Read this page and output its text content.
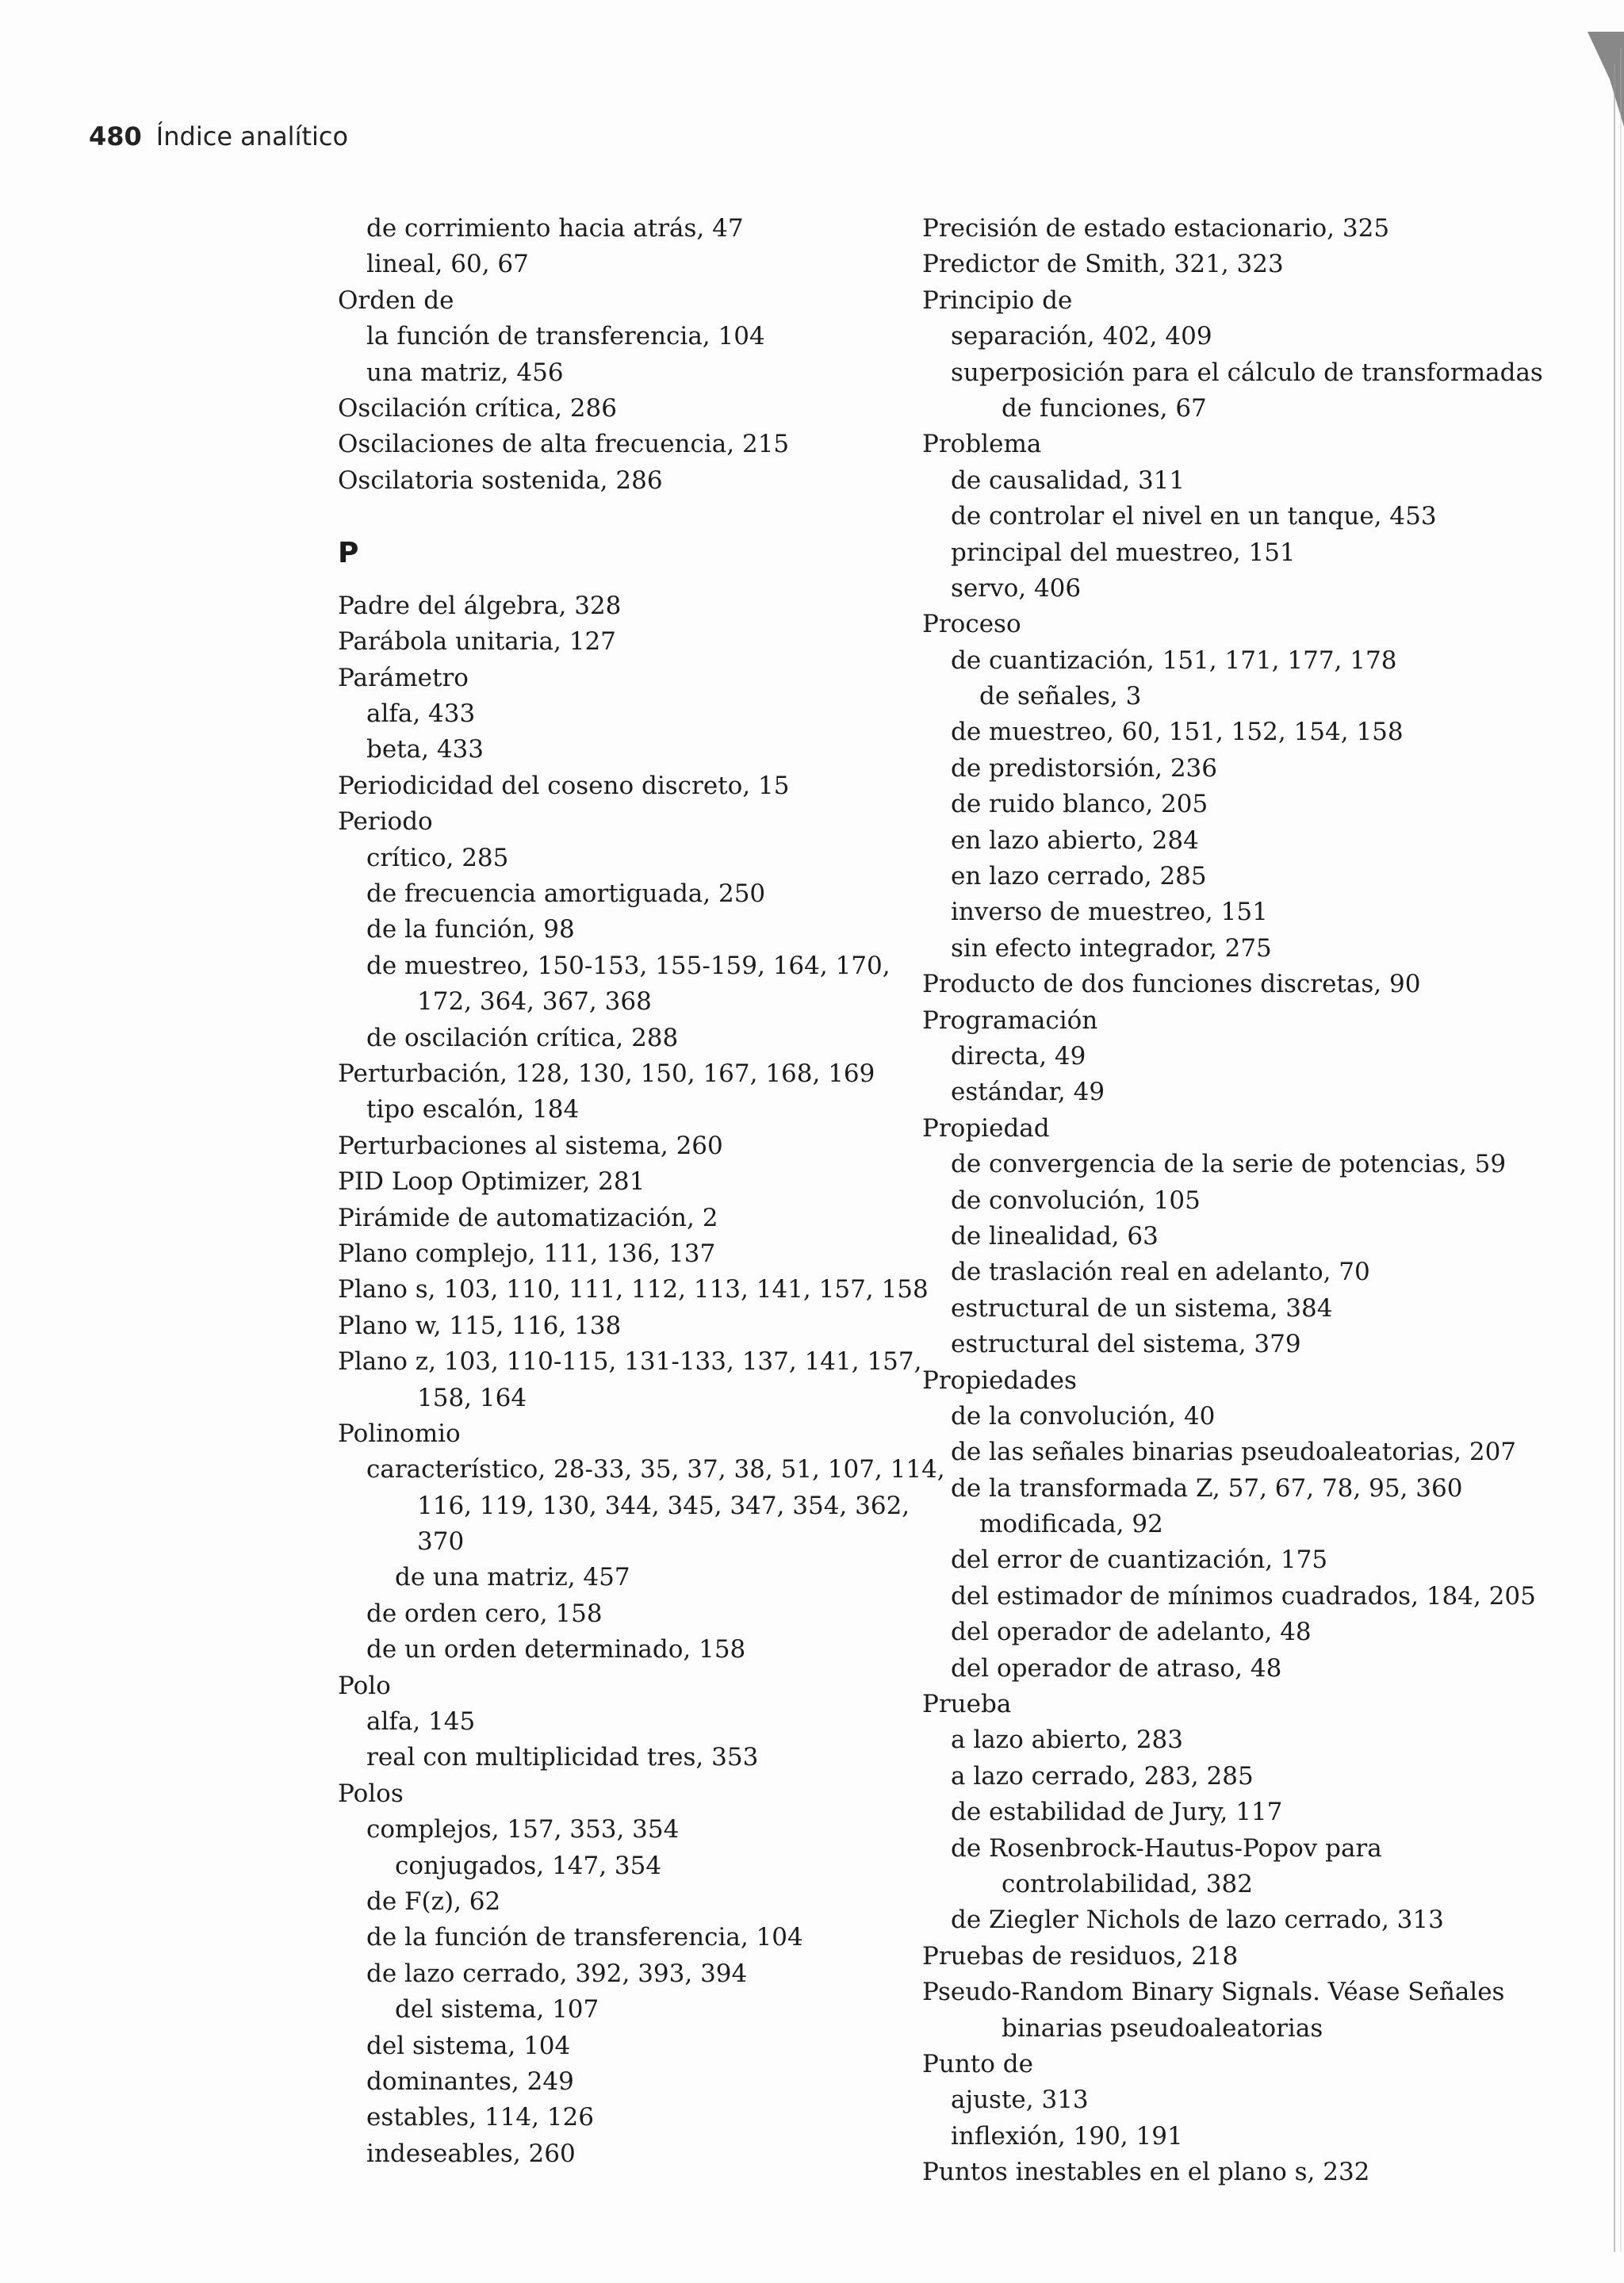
480 Índice analítico
de corrimiento hacia atrás, 47
lineal, 60, 67
Orden de
la función de transferencia, 104
una matriz, 456
Oscilación crítica, 286
Oscilaciones de alta frecuencia, 215
Oscilatoria sostenida, 286
P
Padre del álgebra, 328
Parábola unitaria, 127
Parámetro
alfa, 433
beta, 433
Periodicidad del coseno discreto, 15
Periodo
crítico, 285
de frecuencia amortiguada, 250
de la función, 98
de muestreo, 150-153, 155-159, 164, 170,
172, 364, 367, 368
de oscilación crítica, 288
Perturbación, 128, 130, 150, 167, 168, 169
tipo escalón, 184
Perturbaciones al sistema, 260
PID Loop Optimizer, 281
Pirámide de automatización, 2
Plano complejo, 111, 136, 137
Plano s, 103, 110, 111, 112, 113, 141, 157, 158
Plano w, 115, 116, 138
Plano z, 103, 110-115, 131-133, 137, 141, 157,
158, 164
Polinomio
característico, 28-33, 35, 37, 38, 51, 107, 114,
116, 119, 130, 344, 345, 347, 354, 362,
370
de una matriz, 457
de orden cero, 158
de un orden determinado, 158
Polo
alfa, 145
real con multiplicidad tres, 353
Polos
complejos, 157, 353, 354
conjugados, 147, 354
de F(z), 62
de la función de transferencia, 104
de lazo cerrado, 392, 393, 394
del sistema, 107
del sistema, 104
dominantes, 249
estables, 114, 126
indeseables, 260
Precisión de estado estacionario, 325
Predictor de Smith, 321, 323
Principio de
separación, 402, 409
superposición para el cálculo de transformadas
de funciones, 67
Problema
de causalidad, 311
de controlar el nivel en un tanque, 453
principal del muestreo, 151
servo, 406
Proceso
de cuantización, 151, 171, 177, 178
de señales, 3
de muestreo, 60, 151, 152, 154, 158
de predistorsión, 236
de ruido blanco, 205
en lazo abierto, 284
en lazo cerrado, 285
inverso de muestreo, 151
sin efecto integrador, 275
Producto de dos funciones discretas, 90
Programación
directa, 49
estándar, 49
Propiedad
de convergencia de la serie de potencias, 59
de convolución, 105
de linealidad, 63
de traslación real en adelanto, 70
estructural de un sistema, 384
estructural del sistema, 379
Propiedades
de la convolución, 40
de las señales binarias pseudoaleatorias, 207
de la transformada Z, 57, 67, 78, 95, 360
modificada, 92
del error de cuantización, 175
del estimador de mínimos cuadrados, 184, 205
del operador de adelanto, 48
del operador de atraso, 48
Prueba
a lazo abierto, 283
a lazo cerrado, 283, 285
de estabilidad de Jury, 117
de Rosenbrock-Hautus-Popov para
controlabilidad, 382
de Ziegler Nichols de lazo cerrado, 313
Pruebas de residuos, 218
Pseudo-Random Binary Signals. Véase Señales
binarias pseudoaleatorias
Punto de
ajuste, 313
inflexión, 190, 191
Puntos inestables en el plano s, 232
